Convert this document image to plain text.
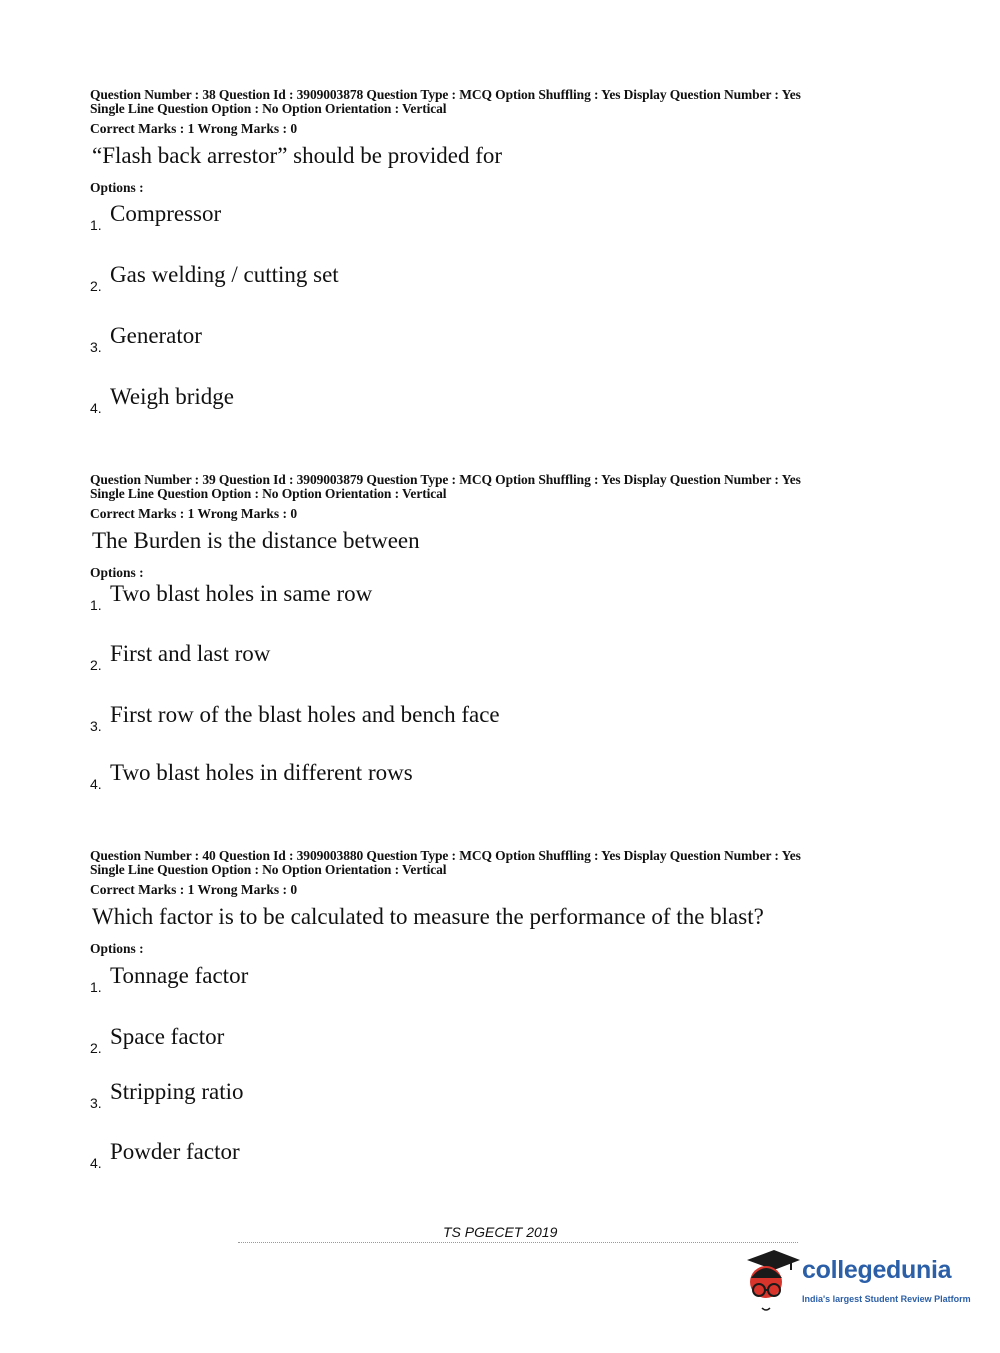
Question Number : 38 Question Id : 3909003878 Question Type : MCQ Option Shuffling : Yes Display Question Number : Yes
Single Line Question Option : No Option Orientation : Vertical
Correct Marks : 1 Wrong Marks : 0
“Flash back arrestor” should be provided for
Options :
1. Compressor
2. Gas welding / cutting set
3. Generator
4. Weigh bridge
Question Number : 39 Question Id : 3909003879 Question Type : MCQ Option Shuffling : Yes Display Question Number : Yes
Single Line Question Option : No Option Orientation : Vertical
Correct Marks : 1 Wrong Marks : 0
The Burden is the distance between
Options :
1. Two blast holes in same row
2. First and last row
3. First row of the blast holes and bench face
4. Two blast holes in different rows
Question Number : 40 Question Id : 3909003880 Question Type : MCQ Option Shuffling : Yes Display Question Number : Yes
Single Line Question Option : No Option Orientation : Vertical
Correct Marks : 1 Wrong Marks : 0
Which factor is to be calculated to measure the performance of the blast?
Options :
1. Tonnage factor
2. Space factor
3. Stripping ratio
4. Powder factor
TS PGECET 2019
collegedunia
India's largest Student Review Platform
